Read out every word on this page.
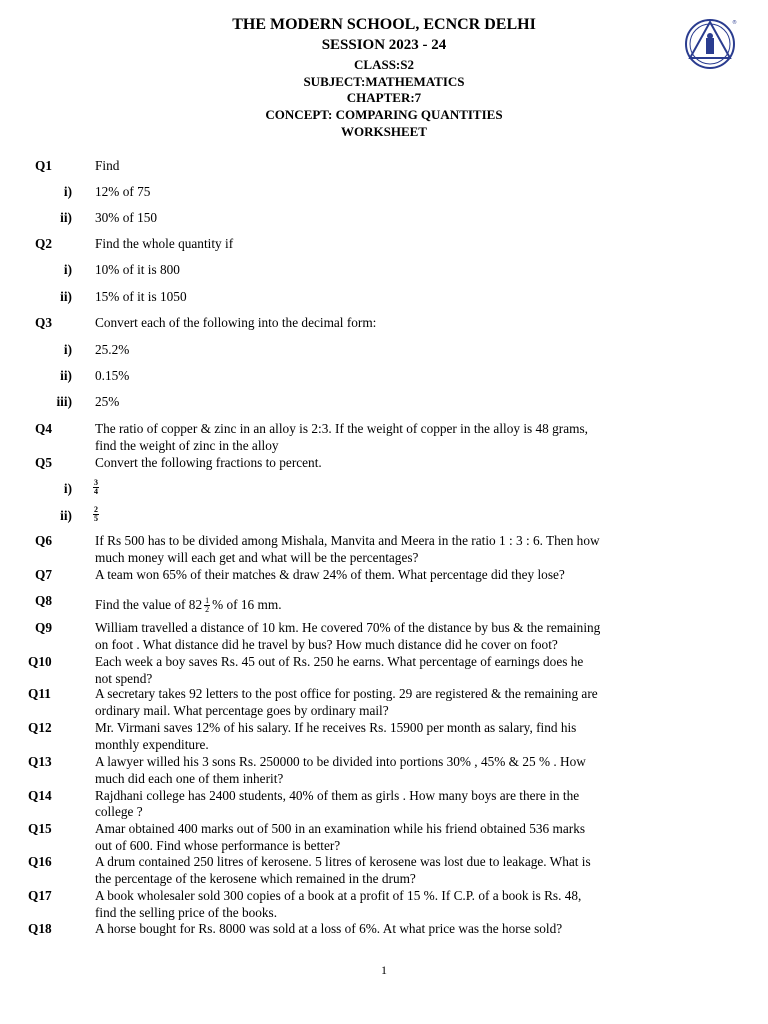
THE MODERN SCHOOL, ECNCR DELHI
SESSION 2023 - 24
CLASS:S2
SUBJECT:MATHEMATICS
CHAPTER:7
CONCEPT: COMPARING QUANTITIES
WORKSHEET
®
Q1	Find
i) 12% of 75
ii) 30% of 150
Q2	Find the whole quantity if
i) 10% of it is 800
ii) 15% of it is 1050
Q3	Convert each of the following into the decimal form:
i) 25.2%
ii) 0.15%
iii) 25%
Q4	The ratio of copper & zinc in an alloy is 2:3. If the weight of copper in the alloy is 48 grams,
find the weight of zinc in the alloy
Q5	Convert the following fractions to percent.
i)	3
4
ii)	2
5
Q6	If Rs 500 has to be divided among Mishala, Manvita and Meera in the ratio 1 : 3 : 6. Then how
much money will each get and what will be the percentages?
Q7	A team won 65% of their matches & draw 24% of them. What percentage did they lose?
Q8	Find the value of $82 \frac{1}{2}$ % of 16 mm.
Q9	William travelled a distance of 10 km. He covered 70% of the distance by bus & the remaining
on foot . What distance did he travel by bus? How much distance did he cover on foot?
Q10	Each week a boy saves Rs. 45 out of Rs. 250 he earns. What percentage of earnings does he
not spend?
Q11	A secretary takes 92 letters to the post office for posting. 29 are registered & the remaining are
ordinary mail. What percentage goes by ordinary mail?
Q12	Mr. Virmani saves 12% of his salary. If he receives Rs. 15900 per month as salary, find his
monthly expenditure.
Q13	A lawyer willed his 3 sons Rs. 250000 to be divided into portions 30% , 45% & 25 % . How
much did each one of them inherit?
Q14	Rajdhani college has 2400 students, 40% of them as girls . How many boys are there in the
college ?
Q15	Amar obtained 400 marks out of 500 in an examination while his friend obtained 536 marks
out of 600. Find whose performance is better?
Q16	A drum contained 250 litres of kerosene. 5 litres of kerosene was lost due to leakage. What is
the percentage of the kerosene which remained in the drum?
Q17	A book wholesaler sold 300 copies of a book at a profit of 15 %. If C.P. of a book is Rs. 48,
find the selling price of the books.
Q18	A horse bought for Rs. 8000 was sold at a loss of 6%. At what price was the horse sold?
1
